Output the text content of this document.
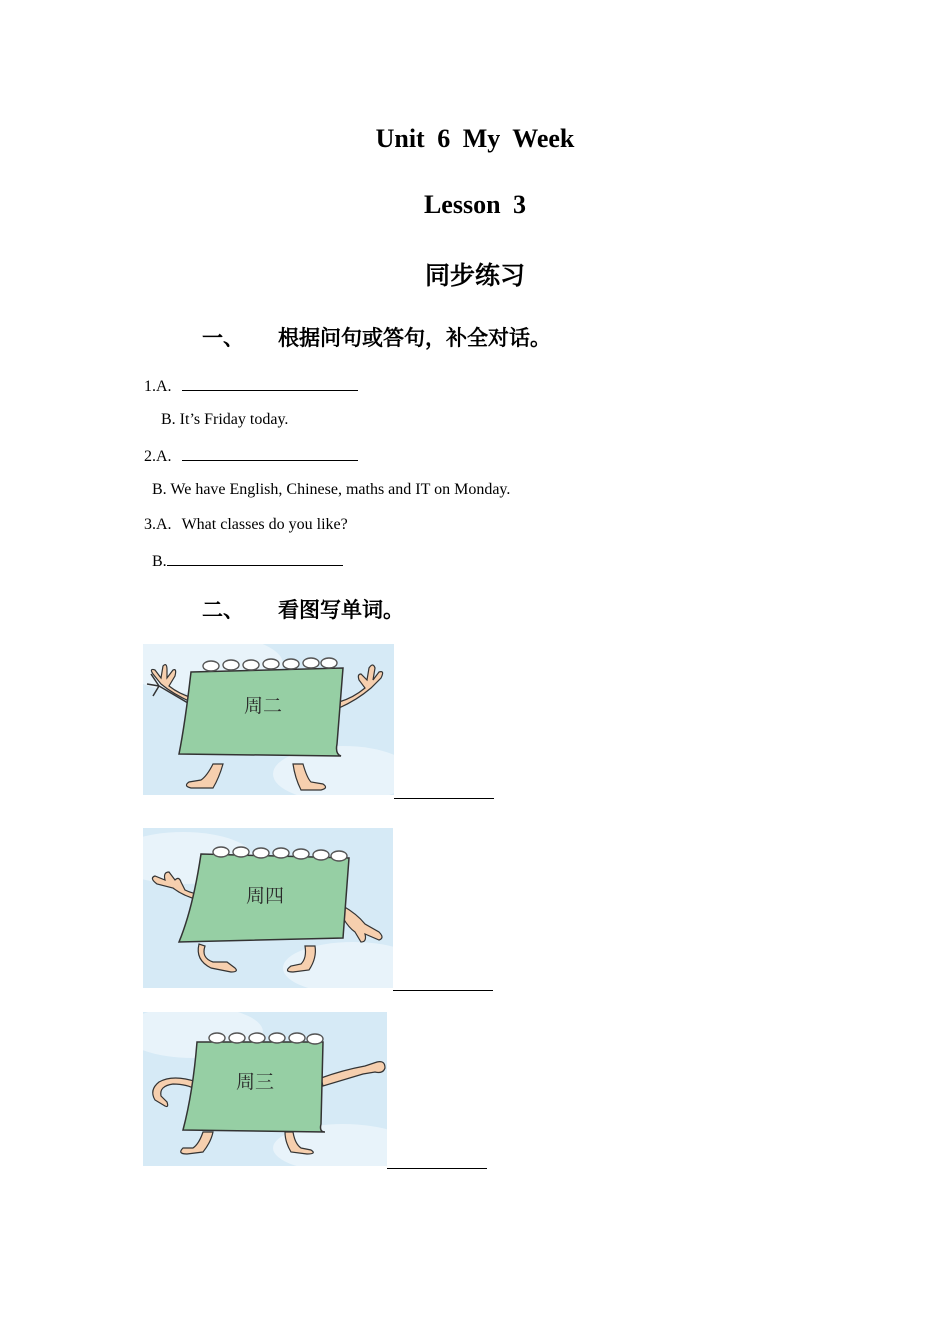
Unit 6 My Week
Lesson 3
同步练习
一、 根据问句或答句，补全对话。
1.A.
B. It’s Friday today.
2.A.
B. We have English, Chinese, maths and IT on Monday.
3.A. What classes do you like?
B.
二、 看图写单词。
周二
周四
周三
